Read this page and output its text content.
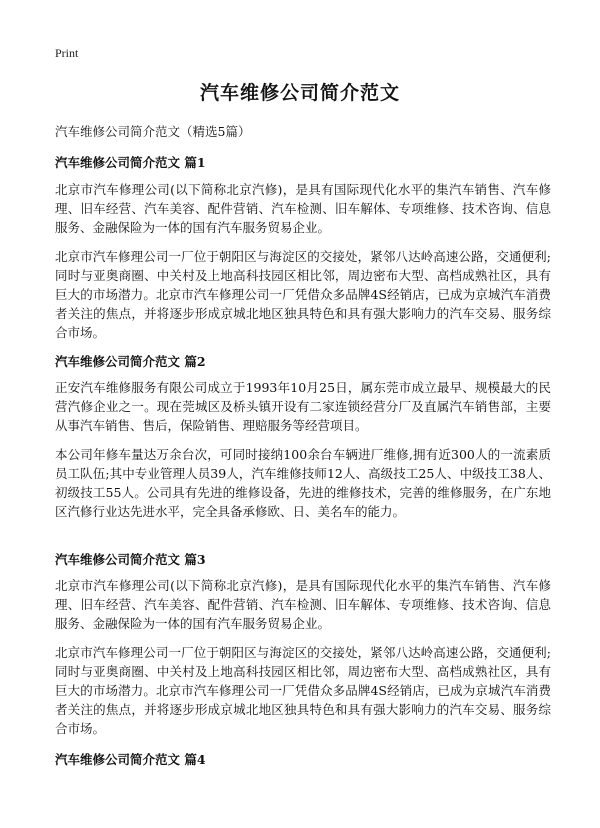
Print
汽车维修公司简介范文
汽车维修公司简介范文（精选5篇）
汽车维修公司简介范文 篇1
北京市汽车修理公司(以下简称北京汽修)，是具有国际现代化水平的集汽车销售、汽车修理、旧车经营、汽车美容、配件营销、汽车检测、旧车解体、专项维修、技术咨询、信息服务、金融保险为一体的国有汽车服务贸易企业。
北京市汽车修理公司一厂位于朝阳区与海淀区的交接处，紧邻八达岭高速公路，交通便利;同时与亚奥商圈、中关村及上地高科技园区相比邻，周边密布大型、高档成熟社区，具有巨大的市场潜力。北京市汽车修理公司一厂凭借众多品牌4S经销店，已成为京城汽车消费者关注的焦点，并将逐步形成京城北地区独具特色和具有强大影响力的汽车交易、服务综合市场。
汽车维修公司简介范文 篇2
正安汽车维修服务有限公司成立于1993年10月25日，属东莞市成立最早、规模最大的民营汽修企业之一。现在莞城区及桥头镇开设有二家连锁经营分厂及直属汽车销售部，主要从事汽车销售、售后，保险销售、理赔服务等经营项目。
本公司年修车量达万余台次，可同时接纳100余台车辆进厂维修,拥有近300人的一流素质员工队伍;其中专业管理人员39人，汽车维修技师12人、高级技工25人、中级技工38人、初级技工55人。公司具有先进的维修设备，先进的维修技术，完善的维修服务，在广东地区汽修行业达先进水平，完全具备承修欧、日、美名车的能力。
汽车维修公司简介范文 篇3
北京市汽车修理公司(以下简称北京汽修)，是具有国际现代化水平的集汽车销售、汽车修理、旧车经营、汽车美容、配件营销、汽车检测、旧车解体、专项维修、技术咨询、信息服务、金融保险为一体的国有汽车服务贸易企业。
北京市汽车修理公司一厂位于朝阳区与海淀区的交接处，紧邻八达岭高速公路，交通便利;同时与亚奥商圈、中关村及上地高科技园区相比邻，周边密布大型、高档成熟社区，具有巨大的市场潜力。北京市汽车修理公司一厂凭借众多品牌4S经销店，已成为京城汽车消费者关注的焦点，并将逐步形成京城北地区独具特色和具有强大影响力的汽车交易、服务综合市场。
汽车维修公司简介范文 篇4
